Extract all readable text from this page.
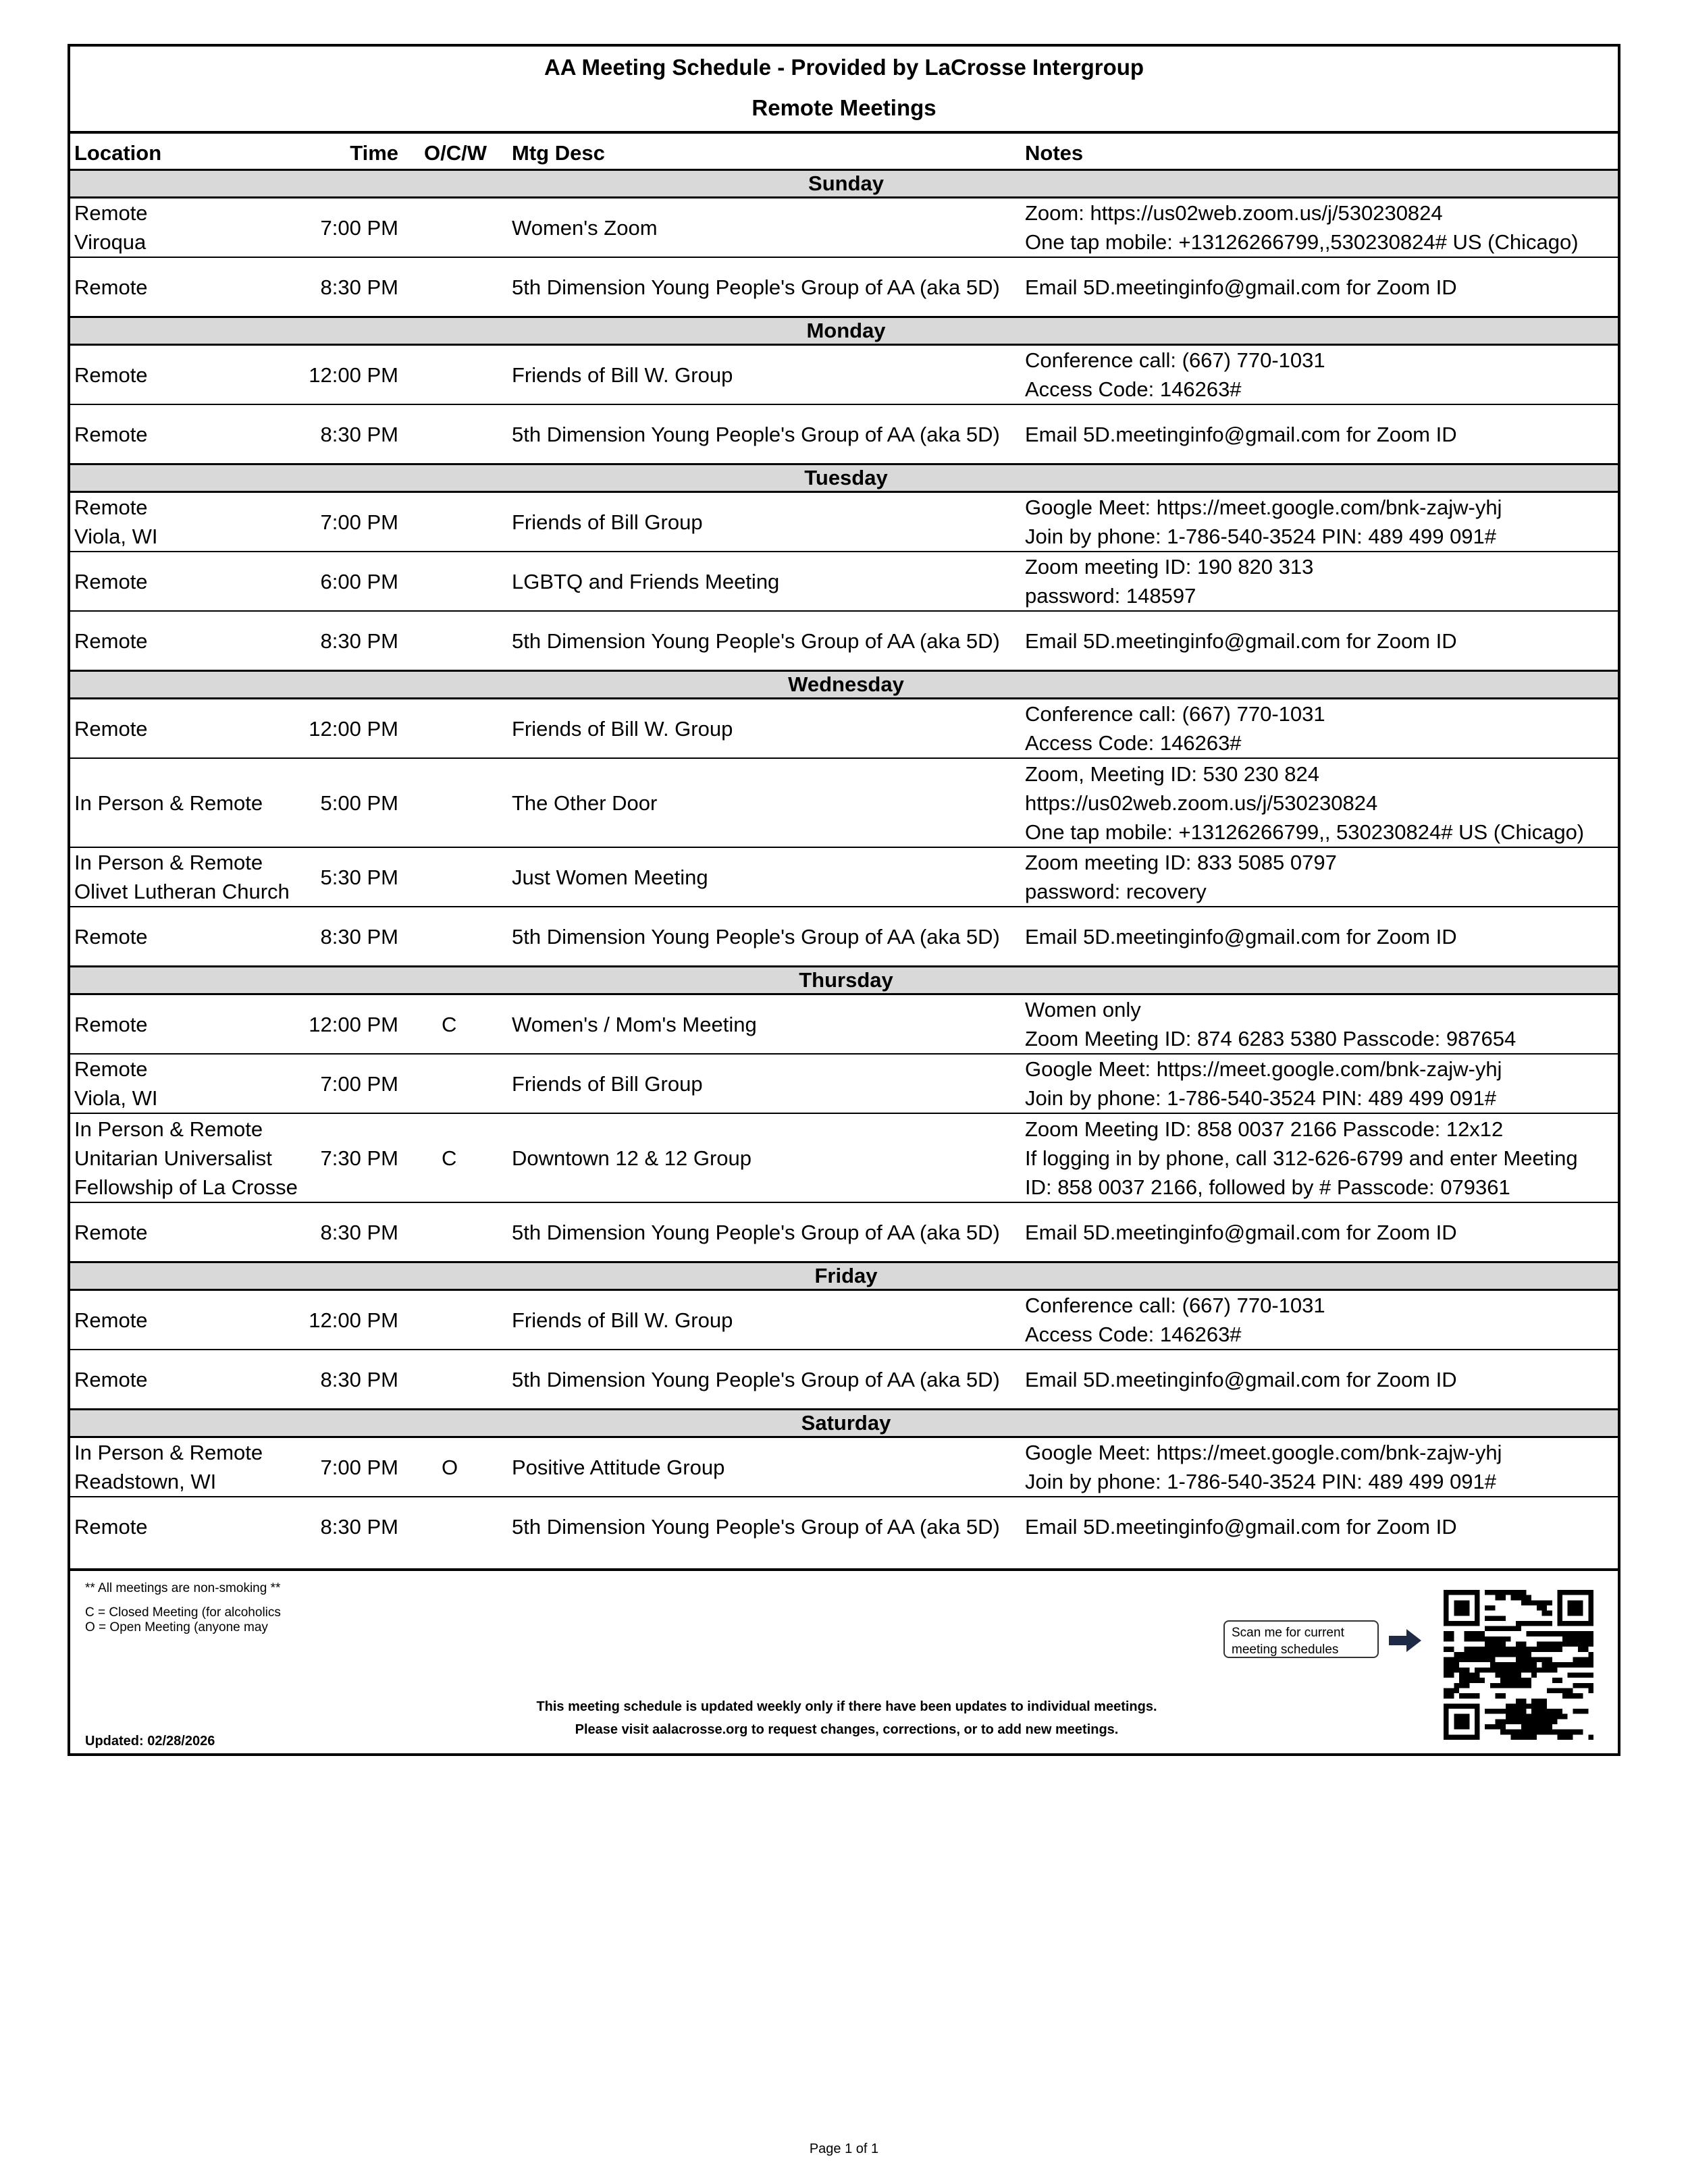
AA Meeting Schedule - Provided by LaCrosse Intergroup
Remote Meetings
Location	Time	O/C/W	Mtg Desc	Notes
Sunday				

Remote
Viroqua	7:00 PM		Women's Zoom	Zoom: https://us02web.zoom.us/j/530230824
One tap mobile: +13126266799,,530230824# US (Chicago)

Remote	8:30 PM		5th Dimension Young People's Group of AA (aka 5D)	Email 5D.meetinginfo@gmail.com for Zoom ID
Monday				
Remote	12:00 PM		Friends of Bill W. Group	Conference call: (667) 770-1031
Access Code: 146263#

Remote	8:30 PM		5th Dimension Young People's Group of AA (aka 5D)	Email 5D.meetinginfo@gmail.com for Zoom ID
Tuesday				

Remote
Viola, WI	7:00 PM		Friends of Bill Group	Google Meet: https://meet.google.com/bnk-zajw-yhj
Join by phone: 1-786-540-3524 PIN: 489 499 091#

Remote	6:00 PM		LGBTQ and Friends Meeting	Zoom meeting ID: 190 820 313
password: 148597

Remote	8:30 PM		5th Dimension Young People's Group of AA (aka 5D)	Email 5D.meetinginfo@gmail.com for Zoom ID
Wednesday				
Remote	12:00 PM		Friends of Bill W. Group	Conference call: (667) 770-1031
Access Code: 146263#

In Person & Remote	5:00 PM		The Other Door	Zoom, Meeting ID: 530 230 824
https://us02web.zoom.us/j/530230824
One tap mobile: +13126266799,, 530230824# US (Chicago)

In Person & Remote
Olivet Lutheran Church	5:30 PM		Just Women Meeting	Zoom meeting ID: 833 5085 0797
password: recovery

Remote	8:30 PM		5th Dimension Young People's Group of AA (aka 5D)	Email 5D.meetinginfo@gmail.com for Zoom ID
Thursday				
Remote	12:00 PM	C	Women's / Mom's Meeting	Women only
Zoom Meeting ID: 874 6283 5380 Passcode: 987654

Remote
Viola, WI	7:00 PM		Friends of Bill Group	Google Meet: https://meet.google.com/bnk-zajw-yhj
Join by phone: 1-786-540-3524 PIN: 489 499 091#

In Person & Remote
Unitarian Universalist
Fellowship of La Crosse	7:30 PM	C	Downtown 12 & 12 Group	Zoom Meeting ID: 858 0037 2166 Passcode: 12x12
If logging in by phone, call 312-626-6799 and enter Meeting
ID: 858 0037 2166, followed by # Passcode: 079361

Remote	8:30 PM		5th Dimension Young People's Group of AA (aka 5D)	Email 5D.meetinginfo@gmail.com for Zoom ID
Friday				
Remote	12:00 PM		Friends of Bill W. Group	Conference call: (667) 770-1031
Access Code: 146263#

Remote	8:30 PM		5th Dimension Young People's Group of AA (aka 5D)	Email 5D.meetinginfo@gmail.com for Zoom ID
Saturday				

In Person & Remote
Readstown, WI	7:00 PM	O	Positive Attitude Group	Google Meet: https://meet.google.com/bnk-zajw-yhj
Join by phone: 1-786-540-3524 PIN: 489 499 091#

Remote	8:30 PM		5th Dimension Young People's Group of AA (aka 5D)	Email 5D.meetinginfo@gmail.com for Zoom ID
** All meetings are non-smoking **
C = Closed Meeting (for alcoholics
O = Open Meeting (anyone may
Updated: 02/28/2026
This meeting schedule is updated weekly only if there have been updates to individual meetings.
Please visit aalacrosse.org to request changes, corrections, or to add new meetings.
Scan me for current
meeting schedules
Page 1 of 1
